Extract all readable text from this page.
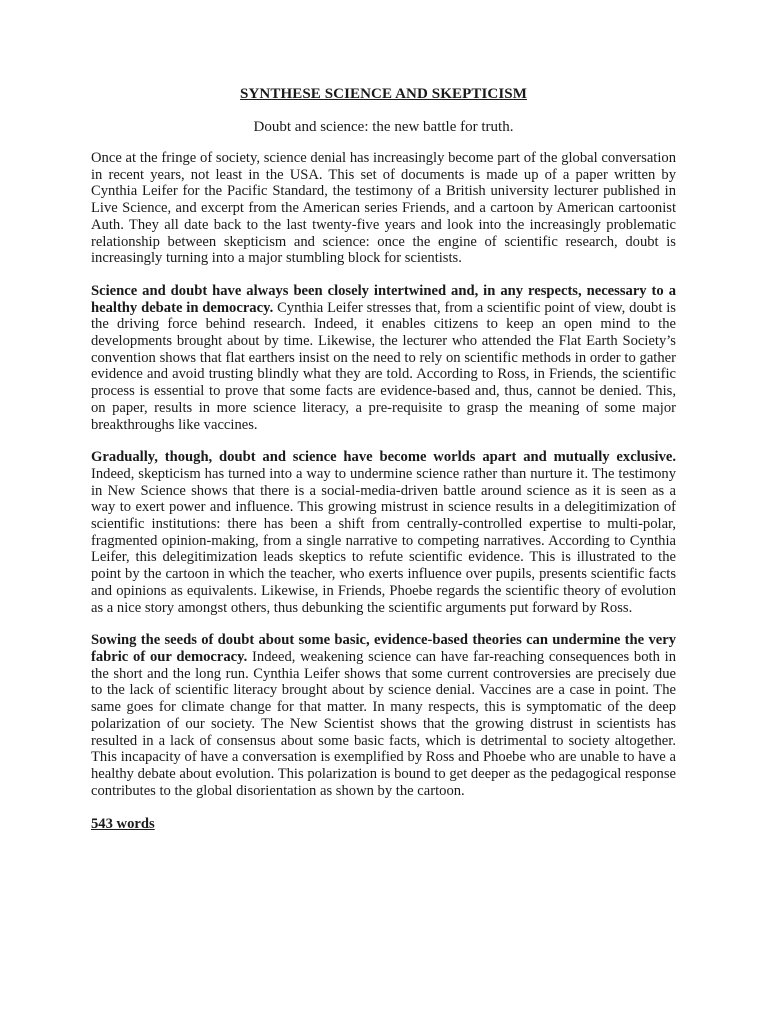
SYNTHESE SCIENCE AND SKEPTICISM

Doubt and science: the new battle for truth.

Once at the fringe of society, science denial has increasingly become part of the global conversation in recent years, not least in the USA. This set of documents is made up of a paper written by Cynthia Leifer for the Pacific Standard, the testimony of a British university lecturer published in Live Science, and excerpt from the American series Friends, and a cartoon by American cartoonist Auth. They all date back to the last twenty-five years and look into the increasingly problematic relationship between skepticism and science: once the engine of scientific research, doubt is increasingly turning into a major stumbling block for scientists.

Science and doubt have always been closely intertwined and, in any respects, necessary to a healthy debate in democracy. Cynthia Leifer stresses that, from a scientific point of view, doubt is the driving force behind research. Indeed, it enables citizens to keep an open mind to the developments brought about by time. Likewise, the lecturer who attended the Flat Earth Society’s convention shows that flat earthers insist on the need to rely on scientific methods in order to gather evidence and avoid trusting blindly what they are told. According to Ross, in Friends, the scientific process is essential to prove that some facts are evidence-based and, thus, cannot be denied. This, on paper, results in more science literacy, a pre-requisite to grasp the meaning of some major breakthroughs like vaccines.

Gradually, though, doubt and science have become worlds apart and mutually exclusive. Indeed, skepticism has turned into a way to undermine science rather than nurture it. The testimony in New Science shows that there is a social-media-driven battle around science as it is seen as a way to exert power and influence. This growing mistrust in science results in a delegitimization of scientific institutions: there has been a shift from centrally-controlled expertise to multi-polar, fragmented opinion-making, from a single narrative to competing narratives. According to Cynthia Leifer, this delegitimization leads skeptics to refute scientific evidence. This is illustrated to the point by the cartoon in which the teacher, who exerts influence over pupils, presents scientific facts and opinions as equivalents. Likewise, in Friends, Phoebe regards the scientific theory of evolution as a nice story amongst others, thus debunking the scientific arguments put forward by Ross.

Sowing the seeds of doubt about some basic, evidence-based theories can undermine the very fabric of our democracy. Indeed, weakening science can have far-reaching consequences both in the short and the long run. Cynthia Leifer shows that some current controversies are precisely due to the lack of scientific literacy brought about by science denial. Vaccines are a case in point. The same goes for climate change for that matter. In many respects, this is symptomatic of the deep polarization of our society. The New Scientist shows that the growing distrust in scientists has resulted in a lack of consensus about some basic facts, which is detrimental to society altogether. This incapacity of have a conversation is exemplified by Ross and Phoebe who are unable to have a healthy debate about evolution. This polarization is bound to get deeper as the pedagogical response contributes to the global disorientation as shown by the cartoon.

543 words
